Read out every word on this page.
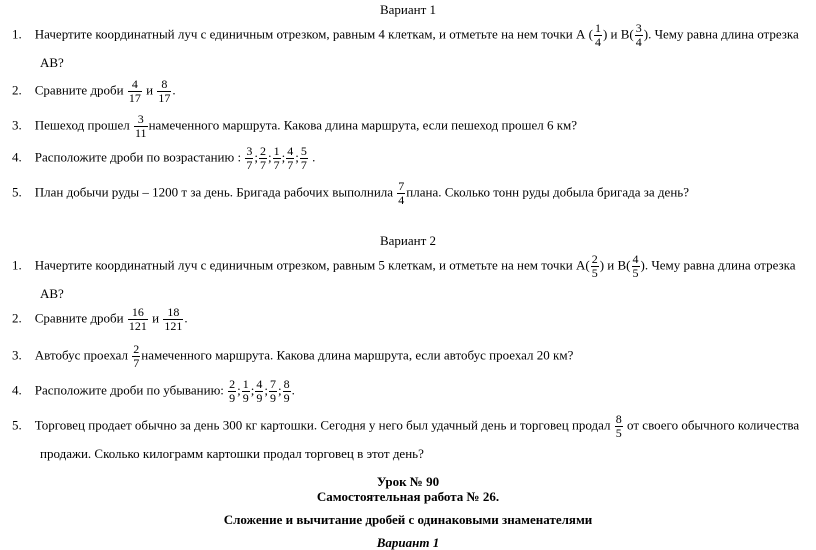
Вариант 1
1. Начертите координатный луч с единичным отрезком, равным 4 клеткам, и отметьте на нем точки А ( $\frac{1}{4}$ ) и $В( \frac{3}{4}$ ). Чему равна длина отрезка
АВ?
2. Сравните дроби $\frac{4}{17}$ и $\frac{8}{17}$ .
3. Пешеход прошел $\frac{3}{11}$ намеченного маршрута. Какова длина маршрута, если пешеход прошел 6 км?
4. Расположите дроби по возрастанию : $\frac{3}{7}$ ; $\frac{2}{7}$ ; $\frac{1}{7}$ ; $\frac{4}{7}$ ; $\frac{5}{7}$ .
5. План добычи руды – 1200 т за день. Бригада рабочих выполнила $\frac{7}{4}$ плана. Сколько тонн руды добыла бригада за день?
Вариант 2
1. Начертите координатный луч с единичным отрезком, равным 5 клеткам, и отметьте на нем точки $А( \frac{2}{5}$ ) и $В( \frac{4}{5}$ ). Чему равна длина отрезка
АВ?
2. Сравните дроби $\frac{16}{121}$ и $\frac{18}{121}$ .
3. Автобус проехал $\frac{2}{7}$ намеченного маршрута. Какова длина маршрута, если автобус проехал 20 км?
4. Расположите дроби по убыванию: $\frac{2}{9}$ ; $\frac{1}{9}$ ; $\frac{4}{9}$ ; $\frac{7}{9}$ ; $\frac{8}{9}$ .
5. Торговец продает обычно за день 300 кг картошки. Сегодня у него был удачный день и торговец продал $\frac{8}{5}$ от своего обычного количества
продажи. Сколько килограмм картошки продал торговец в этот день?
Урок № 90
Самостоятельная работа № 26.
Сложение и вычитание дробей с одинаковыми знаменателями
Вариант 1
